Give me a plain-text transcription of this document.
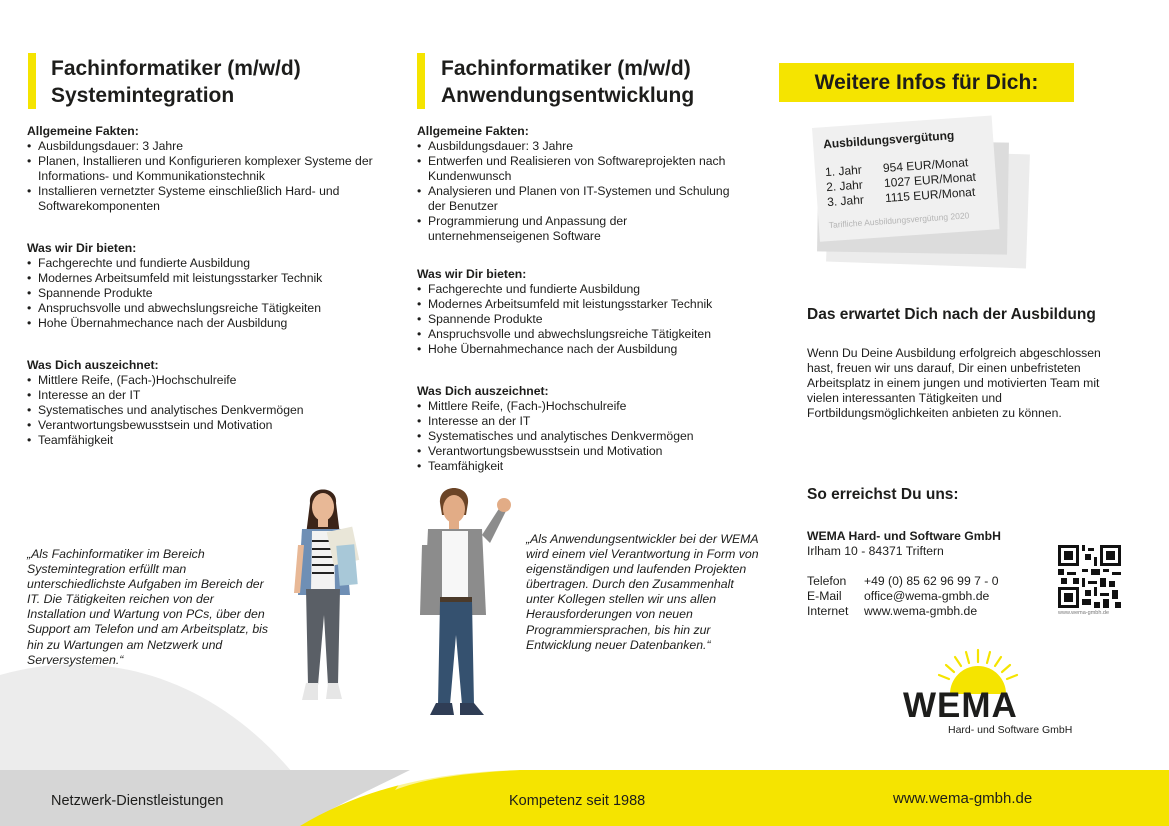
Fachinformatiker (m/w/d)
Systemintegration
Allgemeine Fakten:
• Ausbildungsdauer: 3 Jahre
• Planen, Installieren und Konfigurieren komplexer Systeme der Informations- und Kommunikationstechnik
• Installieren vernetzter Systeme einschließlich Hard- und Softwarekomponenten
Was wir Dir bieten:
• Fachgerechte und fundierte Ausbildung
• Modernes Arbeitsumfeld mit leistungsstarker Technik
• Spannende Produkte
• Anspruchsvolle und abwechslungsreiche Tätigkeiten
• Hohe Übernahmechance nach der Ausbildung
Was Dich auszeichnet:
• Mittlere Reife, (Fach-)Hochschulreife
• Interesse an der IT
• Systematisches und analytisches Denkvermögen
• Verantwortungsbewusstsein und Motivation
• Teamfähigkeit
„Als Fachinformatiker im Bereich Systemintegration erfüllt man unterschiedlichste Aufgaben im Bereich der IT. Die Tätigkeiten reichen von der Installation und Wartung von PCs, über den Support am Telefon und am Arbeitsplatz, bis hin zu Wartungen am Netzwerk und Serversystemen.“
Fachinformatiker (m/w/d)
Anwendungsentwicklung
Allgemeine Fakten:
• Ausbildungsdauer: 3 Jahre
• Entwerfen und Realisieren von Softwareprojekten nach Kundenwunsch
• Analysieren und Planen von IT-Systemen und Schulung der Benutzer
• Programmierung und Anpassung der unternehmenseigenen Software
Was wir Dir bieten:
• Fachgerechte und fundierte Ausbildung
• Modernes Arbeitsumfeld mit leistungsstarker Technik
• Spannende Produkte
• Anspruchsvolle und abwechslungsreiche Tätigkeiten
• Hohe Übernahmechance nach der Ausbildung
Was Dich auszeichnet:
• Mittlere Reife, (Fach-)Hochschulreife
• Interesse an der IT
• Systematisches und analytisches Denkvermögen
• Verantwortungsbewusstsein und Motivation
• Teamfähigkeit
„Als Anwendungsentwickler bei der WEMA wird einem viel Verantwortung in Form von eigenständigen und laufenden Projekten übertragen. Durch den Zusammenhalt unter Kollegen stellen wir uns allen Herausforderungen von neuen Programmiersprachen, bis hin zur Entwicklung neuer Datenbanken.“
Weitere Infos für Dich:
Ausbildungsvergütung
1. Jahr	954 EUR/Monat
2. Jahr	1027 EUR/Monat
3. Jahr	1115 EUR/Monat
Tarifliche Ausbildungsvergütung 2020
Das erwartet Dich nach der Ausbildung
Wenn Du Deine Ausbildung erfolgreich abgeschlossen hast, freuen wir uns darauf, Dir einen unbefristeten Arbeitsplatz in einem jungen und motivierten Team mit vielen interessanten Tätigkeiten und Fortbildungsmöglichkeiten anbieten zu können.
So erreichst Du uns:
WEMA Hard- und Software GmbH
Irlham 10 - 84371 Triftern
Telefon	+49 (0) 85 62 96 99 7 - 0
E-Mail	office@wema-gmbh.de
Internet	www.wema-gmbh.de	www.wema-gmbh.de
WEMA
Hard- und Software GmbH
Netzwerk-Dienstleistungen	Kompetenz seit 1988	www.wema-gmbh.de
